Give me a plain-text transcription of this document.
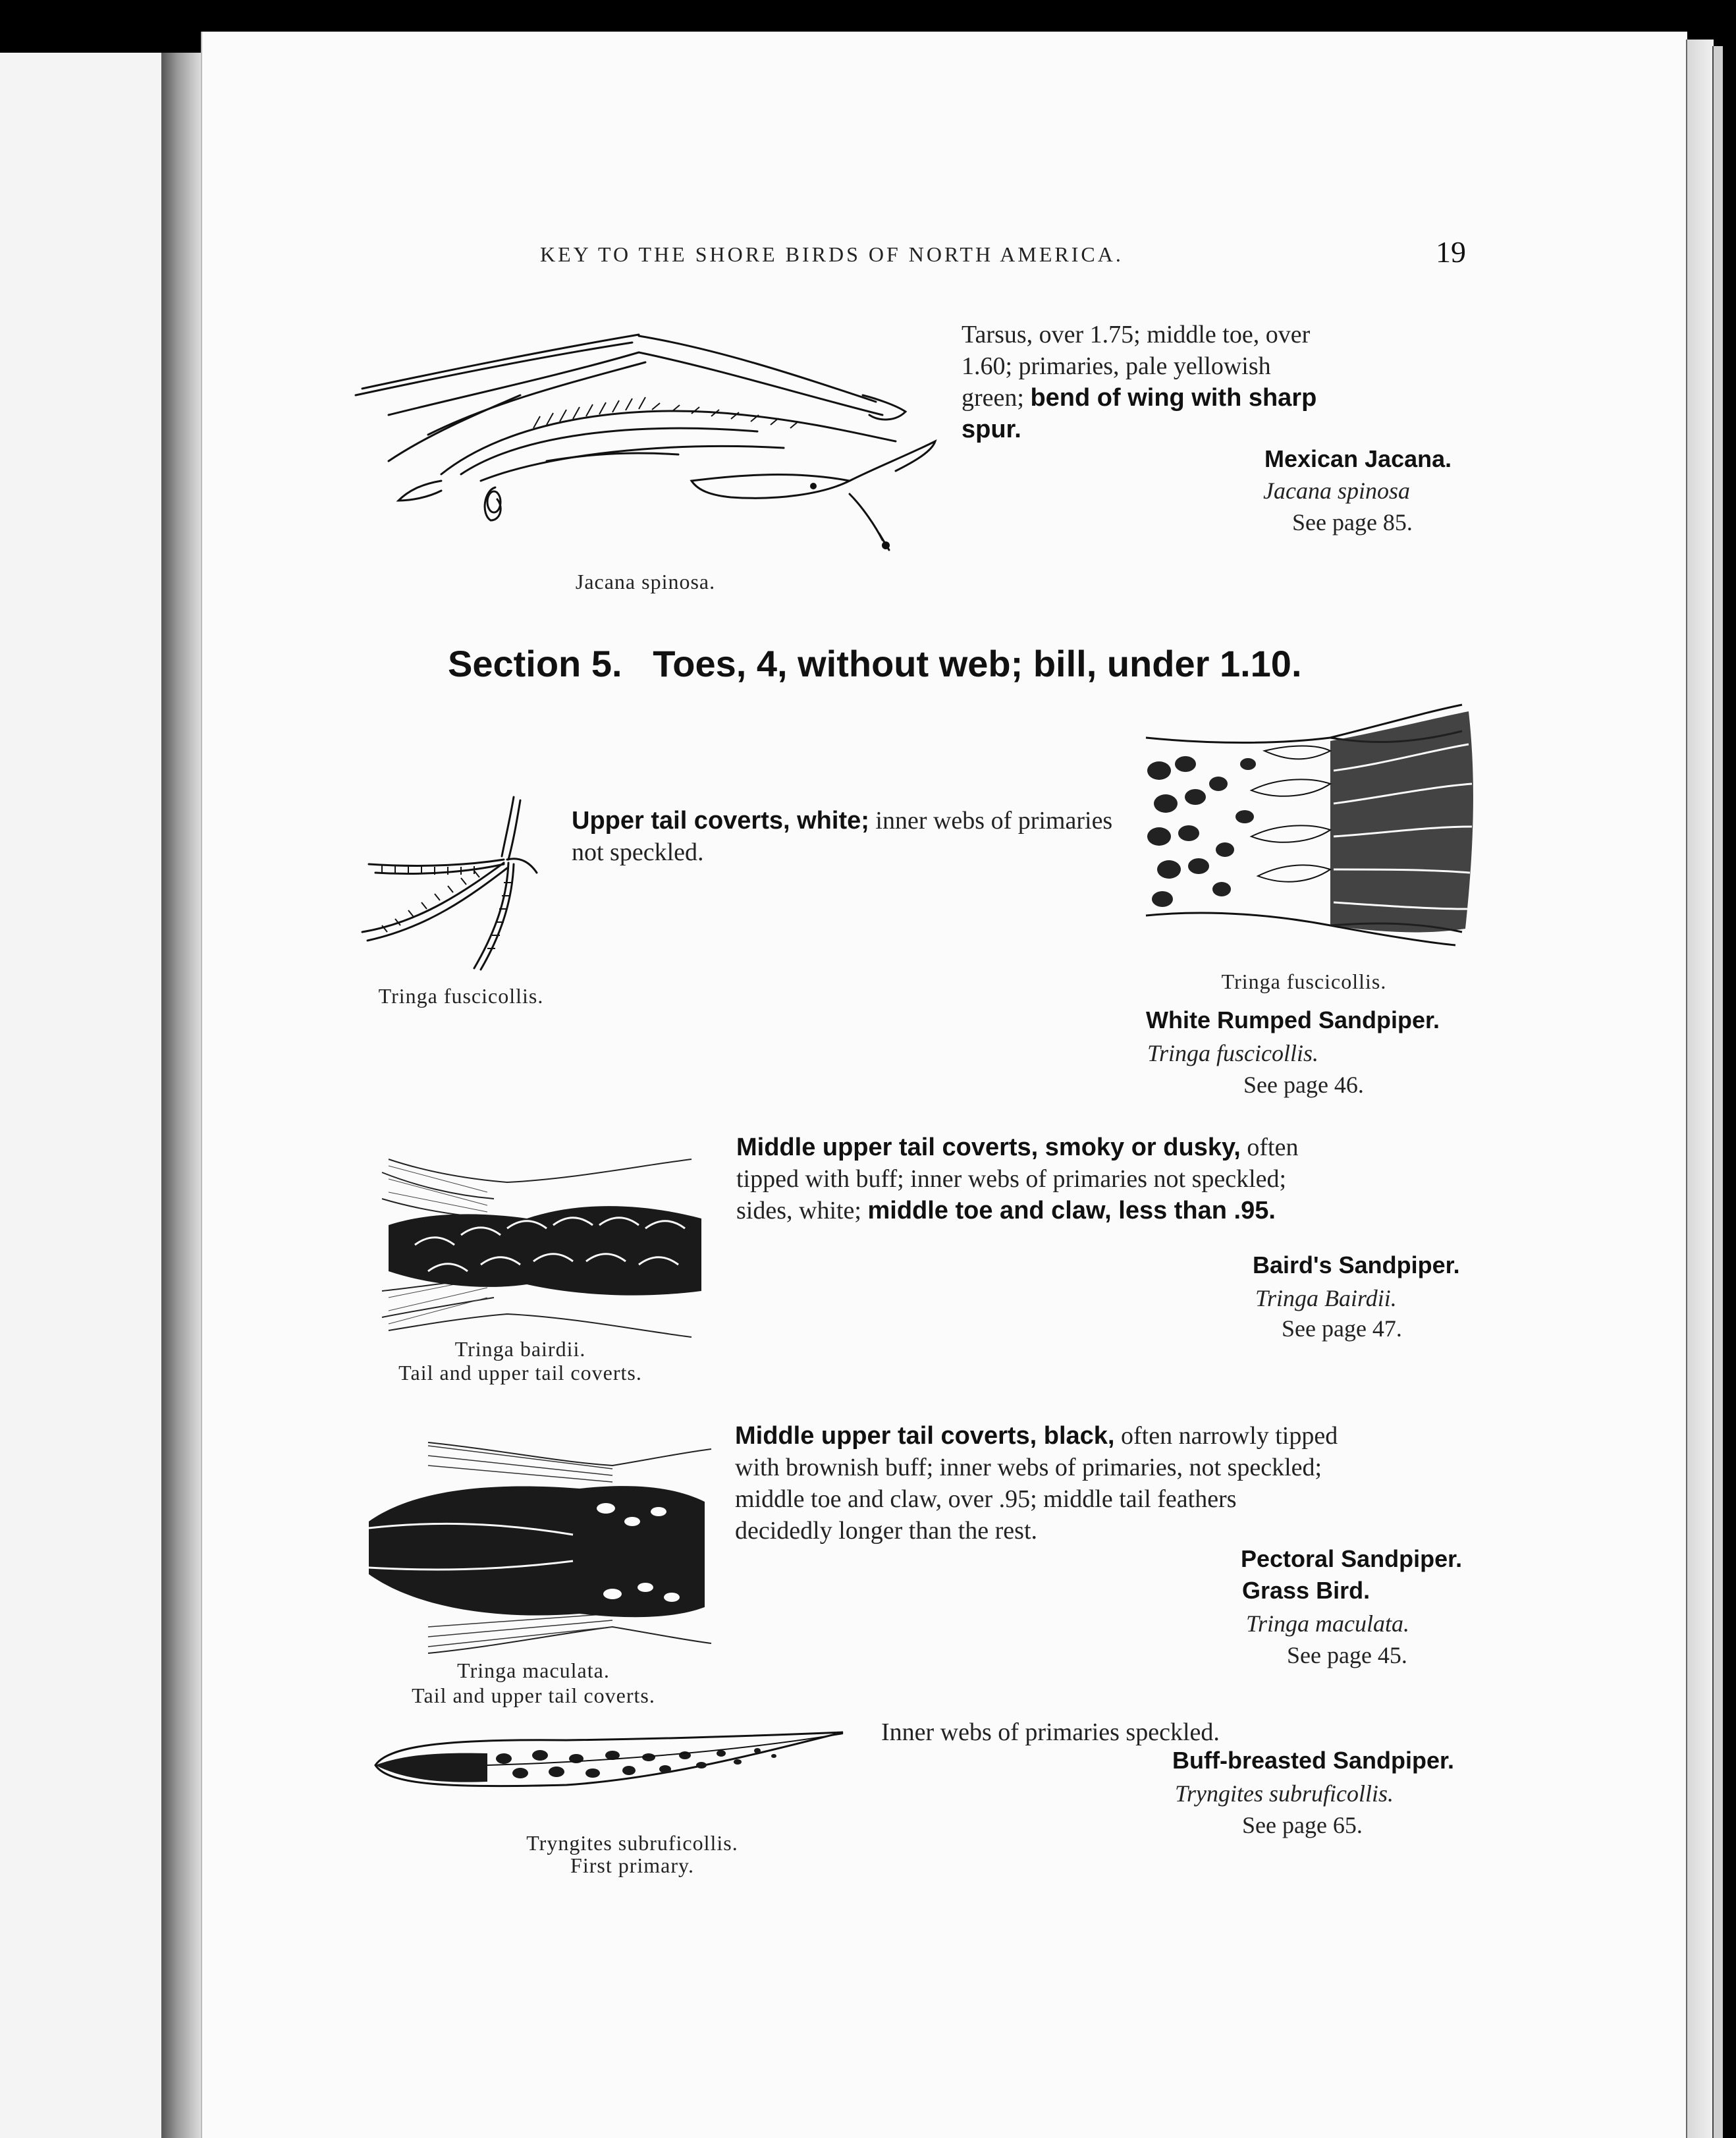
KEY TO THE SHORE BIRDS OF NORTH AMERICA.	19
Jacana spinosa.
Tarsus, over 1.75; middle toe, over 1.60; primaries, pale yellowish green; bend of wing with sharp spur.
Mexican Jacana.
Jacana spinosa
See page 85.
Section 5.   Toes, 4, without web; bill, under 1.10.
Tringa fuscicollis.
Upper tail coverts, white; inner webs of primaries not speckled.
Tringa fuscicollis.
White Rumped Sandpiper.
Tringa fuscicollis.
See page 46.
Middle upper tail coverts, smoky or dusky, often tipped with buff; inner webs of primaries not speckled; sides, white; middle toe and claw, less than .95.
Tringa bairdii.
Tail and upper tail coverts.
Baird's Sandpiper.
Tringa Bairdii.
See page 47.
Middle upper tail coverts, black, often narrowly tipped with brownish buff; inner webs of primaries, not speckled; middle toe and claw, over .95; middle tail feathers decidedly longer than the rest.
Tringa maculata.
Tail and upper tail coverts.
Pectoral Sandpiper.
Grass Bird.
Tringa maculata.
See page 45.
Tryngites subruficollis.
First primary.
Inner webs of primaries speckled.
Buff-breasted Sandpiper.
Tryngites subruficollis.
See page 65.
